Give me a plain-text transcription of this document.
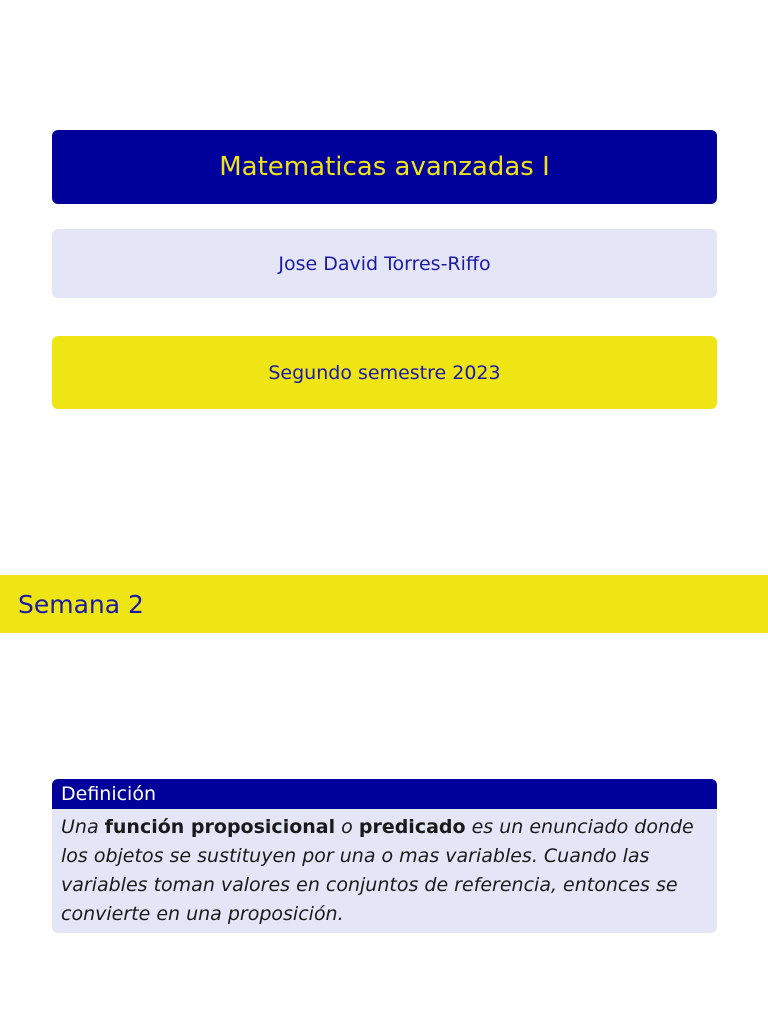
Matematicas avanzadas I
Jose David Torres-Riffo
Segundo semestre 2023
Semana 2
Definición
Una función proposicional o predicado es un enunciado donde los objetos se sustituyen por una o mas variables. Cuando las variables toman valores en conjuntos de referencia, entonces se convierte en una proposición.
